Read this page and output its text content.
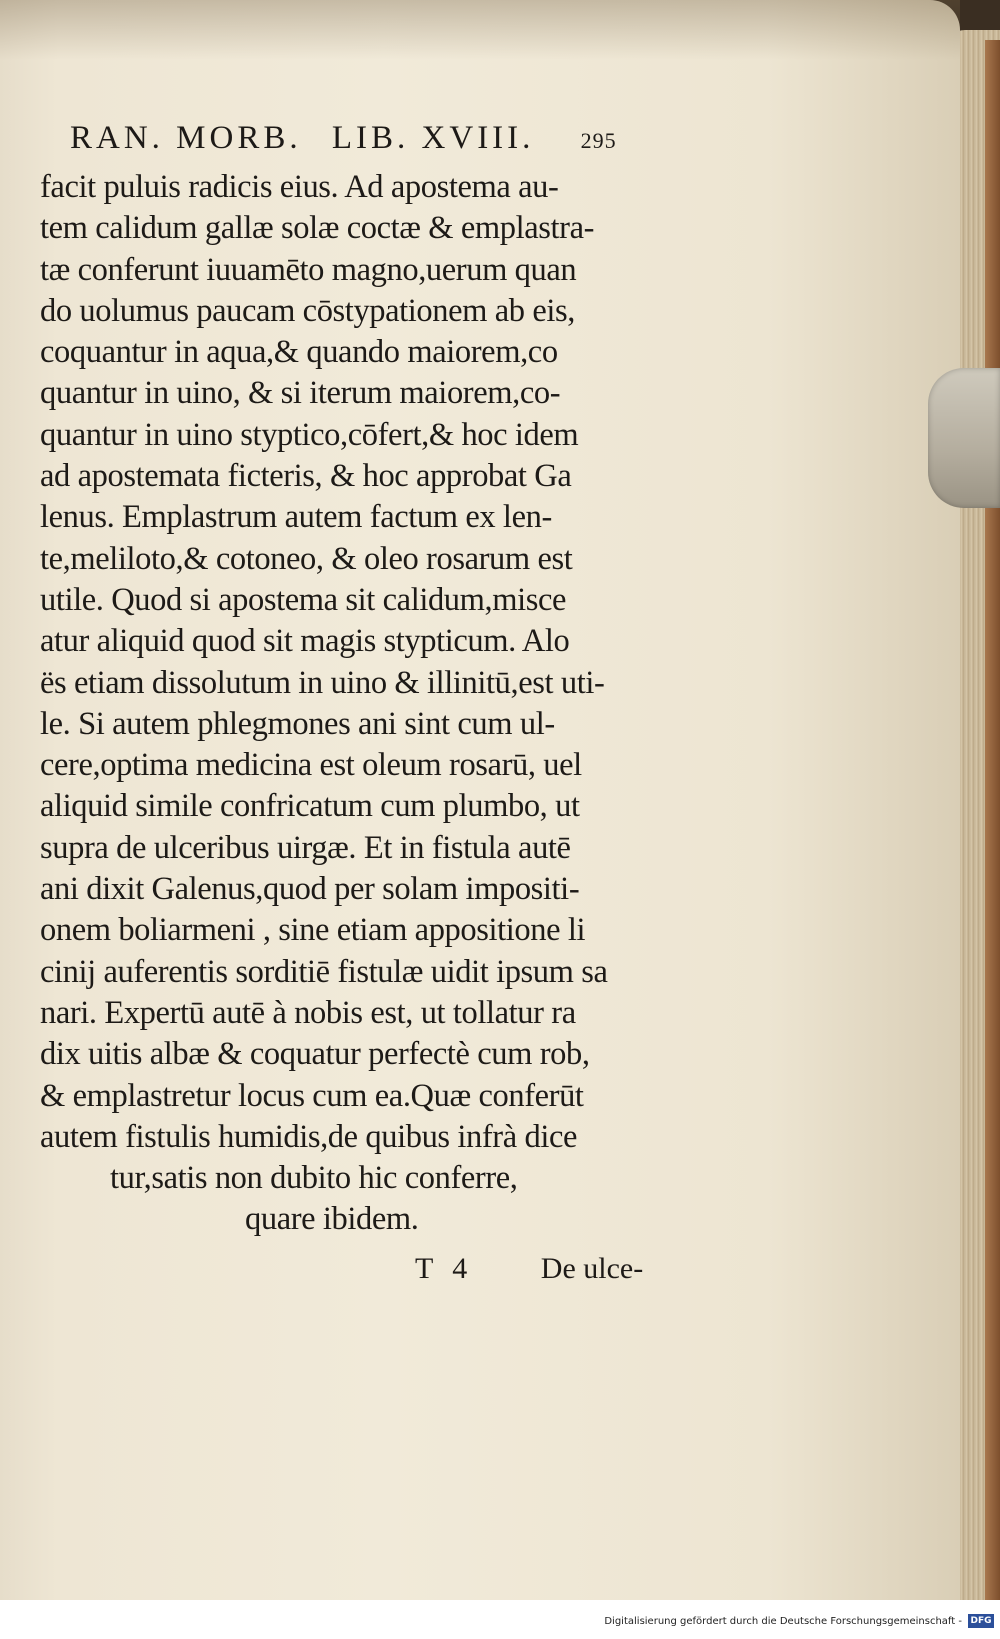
RAN. MORB. LIB. XVIII. 295
facit puluis radicis eius. Ad apostema au-
tem calidum gallæ solæ coctæ & emplastra-
tæ conferunt iuuamēto magno,uerum quan
do uolumus paucam cōstypationem ab eis,
coquantur in aqua,& quando maiorem,co
quantur in uino, & si iterum maiorem,co-
quantur in uino styptico,cōfert,& hoc idem
ad apostemata ficteris, & hoc approbat Ga
lenus. Emplastrum autem factum ex len-
te,meliloto,& cotoneo, & oleo rosarum est
utile. Quod si apostema sit calidum,misce
atur aliquid quod sit magis stypticum. Alo
ës etiam dissolutum in uino & illinitū,est uti-
le. Si autem phlegmones ani sint cum ul-
cere,optima medicina est oleum rosarū, uel
aliquid simile confricatum cum plumbo, ut
supra de ulceribus uirgæ. Et in fistula autē
ani dixit Galenus,quod per solam impositi-
onem boliarmeni , sine etiam appositione li
cinij auferentis sorditiē fistulæ uidit ipsum sa
nari. Expertū autē à nobis est, ut tollatur ra
dix uitis albæ & coquatur perfectè cum rob,
& emplastretur locus cum ea.Quæ conferūt
autem fistulis humidis,de quibus infrà dice
tur,satis non dubito hic conferre,
quare ibidem.
T 4 De ulce-
Digitalisierung gefördert durch die Deutsche Forschungsgemeinschaft - DFG
